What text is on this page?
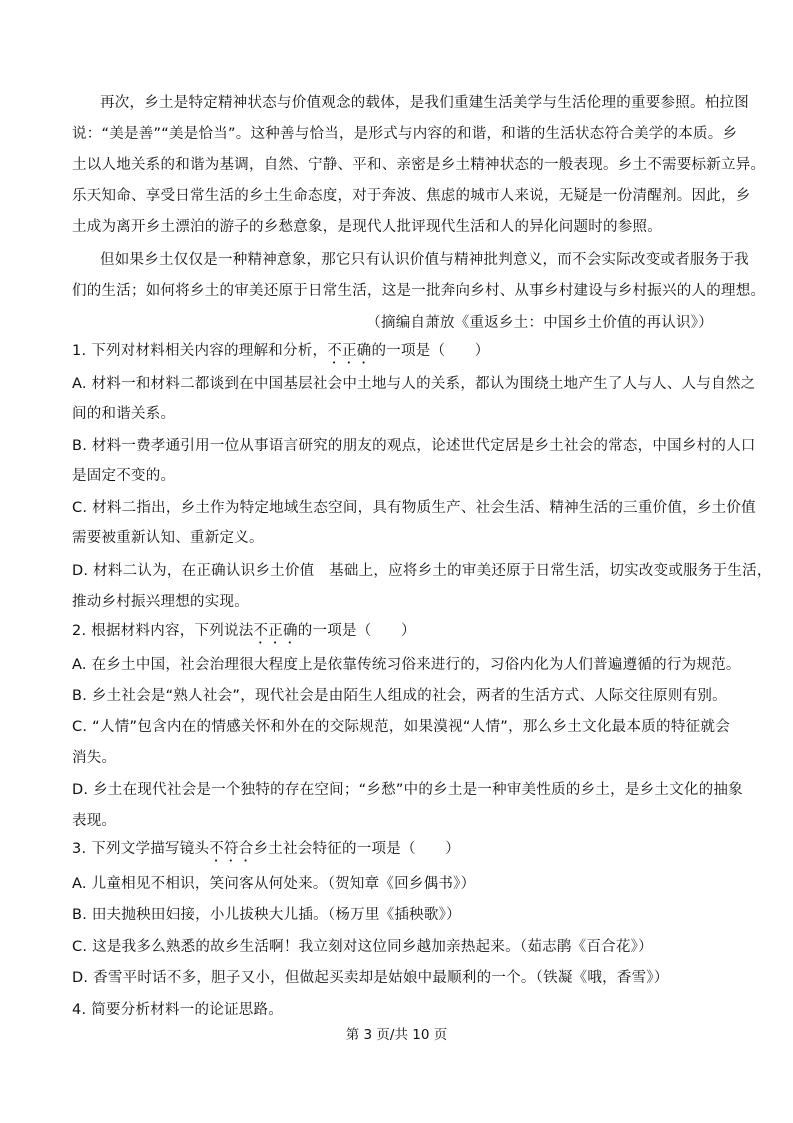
再次，乡土是特定精神状态与价值观念的载体，是我们重建生活美学与生活伦理的重要参照。柏拉图
说：“美是善”“美是恰当”。这种善与恰当，是形式与内容的和谐，和谐的生活状态符合美学的本质。乡
土以人地关系的和谐为基调，自然、宁静、平和、亲密是乡土精神状态的一般表现。乡土不需要标新立异。
乐天知命、享受日常生活的乡土生命态度，对于奔波、焦虑的城市人来说，无疑是一份清醒剂。因此，乡
土成为离开乡土漂泊的游子的乡愁意象，是现代人批评现代生活和人的异化问题时的参照。
但如果乡土仅仅是一种精神意象，那它只有认识价值与精神批判意义，而不会实际改变或者服务于我
们的生活；如何将乡土的审美还原于日常生活，这是一批奔向乡村、从事乡村建设与乡村振兴的人的理想。
（摘编自萧放《重返乡土：中国乡土价值的再认识》）
1. 下列对材料相关内容的理解和分析，不正确的一项是（　　）
A. 材料一和材料二都谈到在中国基层社会中土地与人的关系，都认为围绕土地产生了人与人、人与自然之
间的和谐关系。
B. 材料一费孝通引用一位从事语言研究的朋友的观点，论述世代定居是乡土社会的常态，中国乡村的人口
是固定不变的。
C. 材料二指出，乡土作为特定地域生态空间，具有物质生产、社会生活、精神生活的三重价值，乡土价值
需要被重新认知、重新定义。
D. 材料二认为，在正确认识乡土价值　基础上，应将乡土的审美还原于日常生活，切实改变或服务于生活，
推动乡村振兴理想的实现。
2. 根据材料内容，下列说法不正确的一项是（　　）
A. 在乡土中国，社会治理很大程度上是依靠传统习俗来进行的，习俗内化为人们普遍遵循的行为规范。
B. 乡土社会是“熟人社会”，现代社会是由陌生人组成的社会，两者的生活方式、人际交往原则有别。
C. “人情”包含内在的情感关怀和外在的交际规范，如果漠视“人情”，那么乡土文化最本质的特征就会
消失。
D. 乡土在现代社会是一个独特的存在空间；“乡愁”中的乡土是一种审美性质的乡土，是乡土文化的抽象
表现。
3. 下列文学描写镜头不符合乡土社会特征的一项是（　　）
A. 儿童相见不相识，笑问客从何处来。（贺知章《回乡偶书》）
B. 田夫抛秧田妇接，小儿拔秧大儿插。（杨万里《插秧歌》）
C. 这是我多么熟悉的故乡生活啊！我立刻对这位同乡越加亲热起来。（茹志鹃《百合花》）
D. 香雪平时话不多，胆子又小，但做起买卖却是姑娘中最顺利的一个。（铁凝《哦，香雪》）
4. 简要分析材料一的论证思路。
第 3 页/共 10 页
